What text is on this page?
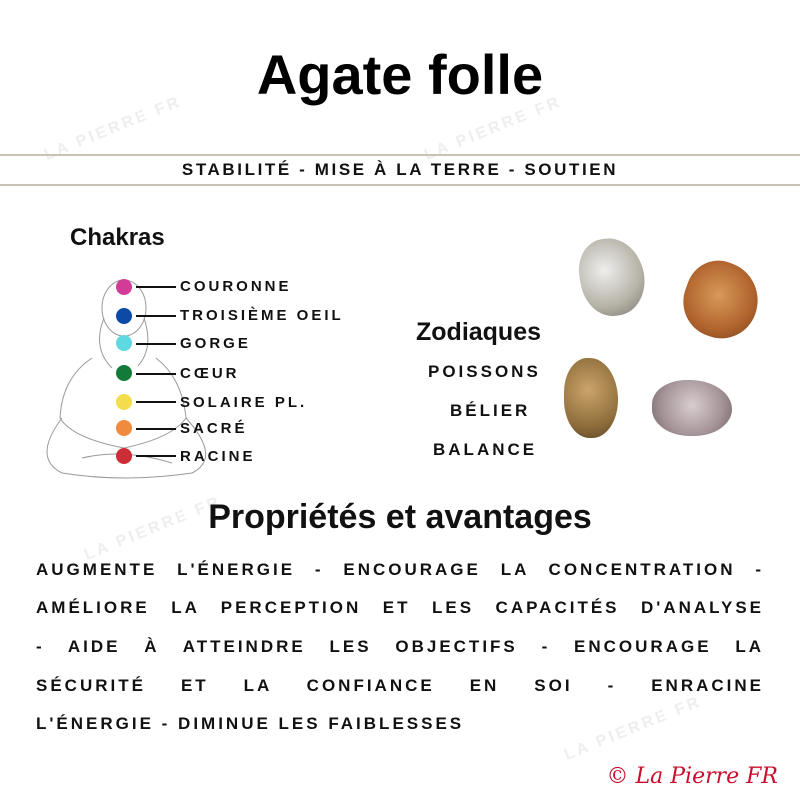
LA PIERRE FR	LA PIERRE FR
LA PIERRE FR
LA PIERRE FR
Agate folle
STABILITÉ - MISE À LA TERRE - SOUTIEN
Chakras
COURONNE
TROISIÈME OEIL
GORGE
CŒUR
SOLAIRE PL.
SACRÉ
RACINE
Zodiaques
POISSONS
BÉLIER
BALANCE
Propriétés et avantages
AUGMENTE L'ÉNERGIE - ENCOURAGE LA CONCENTRATION -
AMÉLIORE LA PERCEPTION ET LES CAPACITÉS D'ANALYSE
- AIDE À ATTEINDRE LES OBJECTIFS - ENCOURAGE LA
SÉCURITÉ ET LA CONFIANCE EN SOI - ENRACINE
L'ÉNERGIE - DIMINUE LES FAIBLESSES
© La Pierre FR
